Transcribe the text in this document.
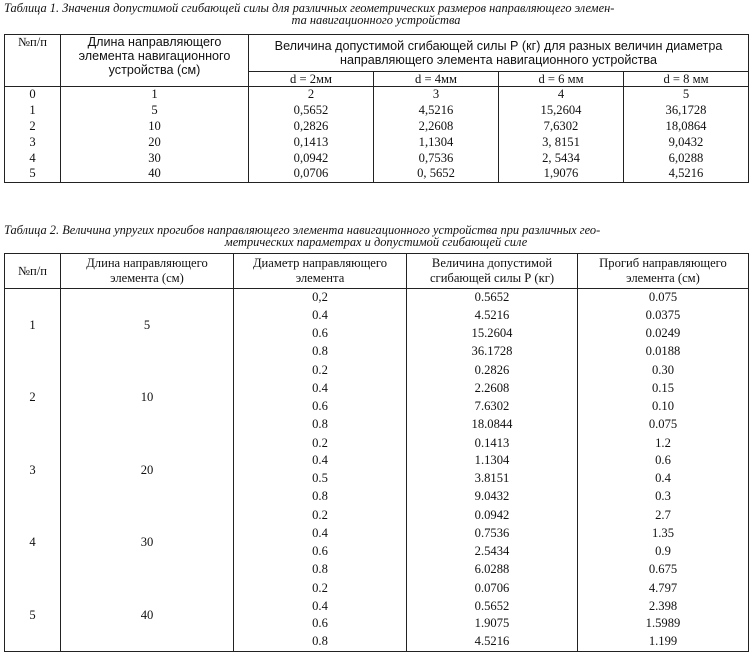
Таблица 1. Значения допустимой сгибающей силы для различных геометрических размеров направляющего элемен-
та навигационного устройства
№п/п	Длина направляющего элемента навигационного устройства (см)	Величина допустимой сгибающей силы Р (кг) для разных величин диаметра направляющего элемента навигационного устройства			
		d = 2мм	d = 4мм	d = 6 мм	d = 8 мм
0	1	2	3	4	5
1	5	0,5652	4,5216	15,2604	36,1728
2	10	0,2826	2,2608	7,6302	18,0864
3	20	0,1413	1,1304	3, 8151	9,0432
4	30	0,0942	0,7536	2, 5434	6,0288
5	40	0,0706	0, 5652	1,9076	4,5216
Таблица 2. Величина упругих прогибов направляющего элемента навигационного устройства при различных гео-
метрических параметрах и допустимой сгибающей силе
№п/п	Длина направляющего элемента (см)	Диаметр направляющего элемента	Величина допустимой сгибающей силы Р (кг)	Прогиб направляющего элемента (см)
1	5	0,2	0.5652	0.075
		0.4	4.5216	0.0375
		0.6	15.2604	0.0249
		0.8	36.1728	0.0188
2	10	0.2	0.2826	0.30
		0.4	2.2608	0.15
		0.6	7.6302	0.10
		0.8	18.0844	0.075
3	20	0.2	0.1413	1.2
		0.4	1.1304	0.6
		0.5	3.8151	0.4
		0.8	9.0432	0.3
4	30	0.2	0.0942	2.7
		0.4	0.7536	1.35
		0.6	2.5434	0.9
		0.8	6.0288	0.675
5	40	0.2	0.0706	4.797
		0.4	0.5652	2.398
		0.6	1.9075	1.5989
		0.8	4.5216	1.199
